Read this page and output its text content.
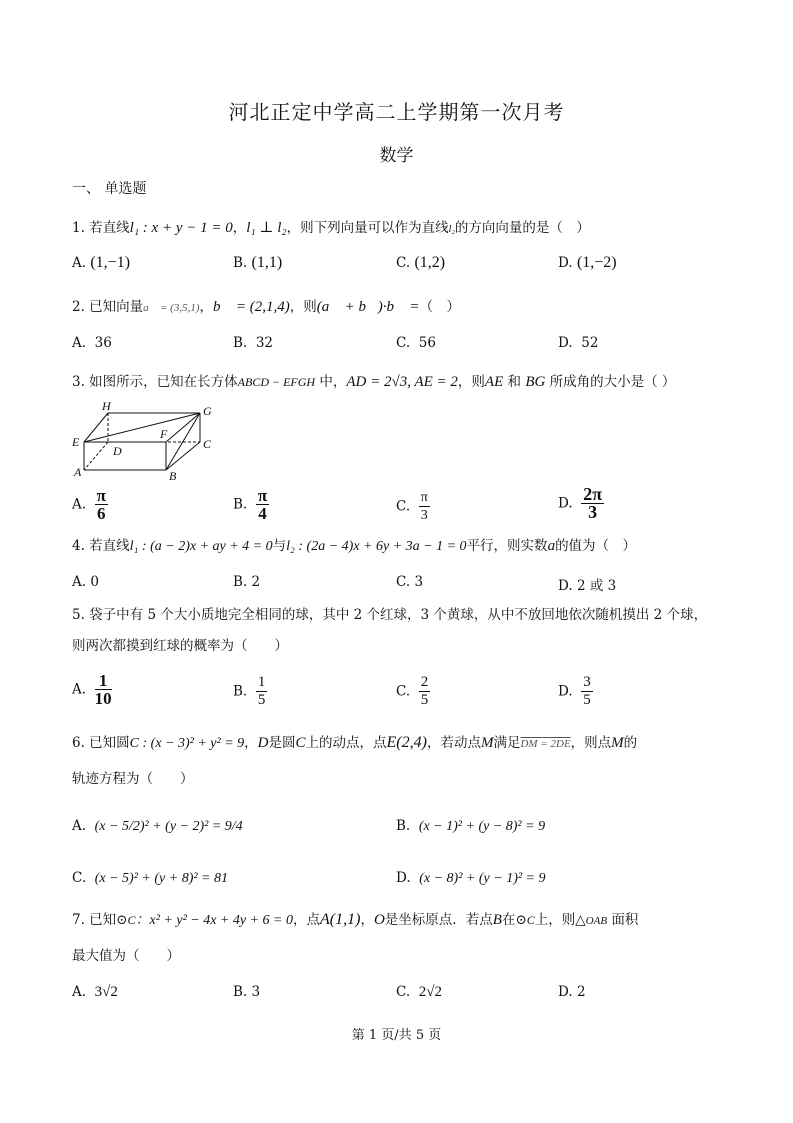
河北正定中学高二上学期第一次月考
数学
一、 单选题
1. 若直线l₁ : x + y − 1 = 0，l₁ ⊥ l₂，则下列向量可以作为直线l₂的方向向量的是（　）
A. (1,−1)	B. (1,1)	C. (1,2)	D. (1,−2)
2. 已知向量a⃗ = (3,5,1)，b⃗ = (2,1,4)，则(a⃗ + b⃗)·b⃗ =（　）
A. 36	B. 32	C. 56	D. 52
3. 如图所示，已知在长方体ABCD − EFGH 中，AD = 2√3, AE = 2，则AE 和 BG 所成角的大小是（ ）
H	G
E
F
D	C
A	B
A. $\frac{\pi}{6}$	B. $\frac{\pi}{4}$	C. $\frac{\pi}{3}$	D. $\frac{2\pi}{3}$
4. 若直线l₁ : (a − 2)x + ay + 4 = 0与l₂ : (2a − 4)x + 6y + 3a − 1 = 0平行，则实数a的值为（　）
A. 0	B. 2	C. 3	D. 2 或 3
5. 袋子中有 5 个大小质地完全相同的球，其中 2 个红球，3 个黄球，从中不放回地依次随机摸出 2 个球，
则两次都摸到红球的概率为（　　）
A. $\frac{1}{10}$	B. $\frac{1}{5}$	C. $\frac{2}{5}$	D. $\frac{3}{5}$
6. 已知圆C : (x − 3)² + y² = 9，D是圆C上的动点，点E(2,4)，若动点M满足DM = 2DE，则点M的
轨迹方程为（　　）
A. (x − 5/2)² + (y − 2)² = 9/4	B. (x − 1)² + (y − 8)² = 9
C. (x − 5)² + (y + 8)² = 81	D. (x − 8)² + (y − 1)² = 9
7. 已知⊙C：x² + y² − 4x + 4y + 6 = 0，点A(1,1)，O是坐标原点．若点B在⊙C上，则△OAB 面积
最大值为（　　）
A. 3√2	B. 3	C. 2√2	D. 2
第 1 页/共 5 页
